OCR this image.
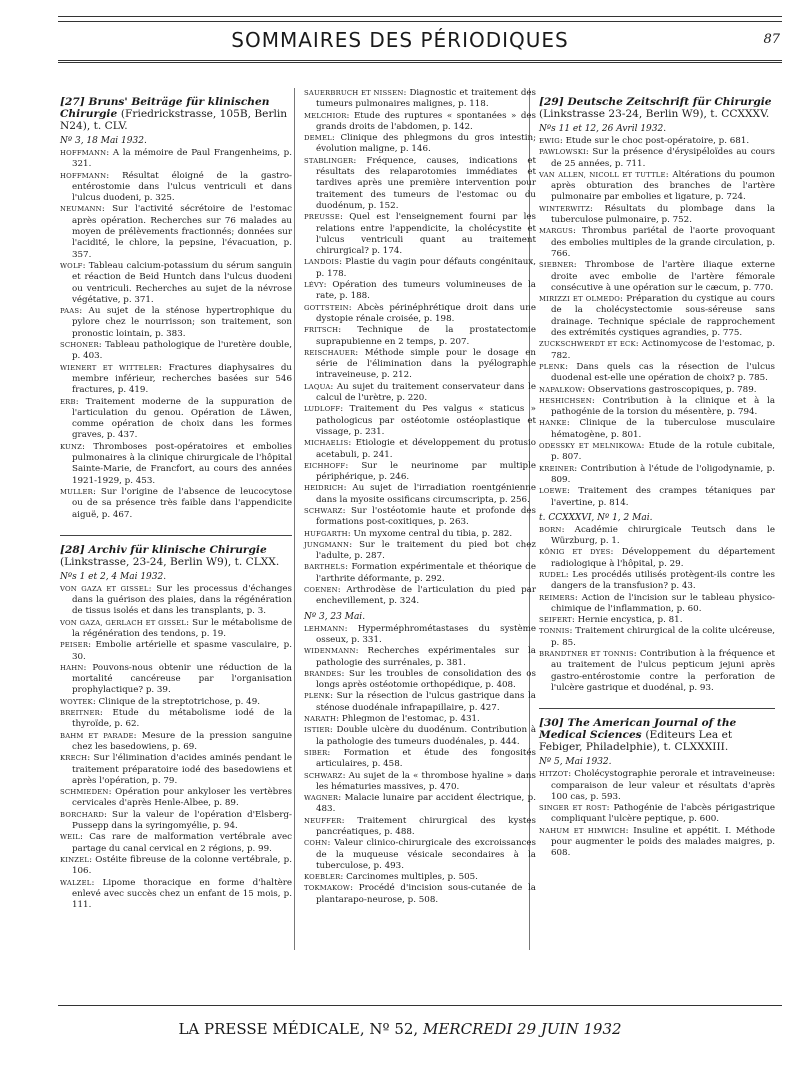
SOMMAIRES DES PÉRIODIQUES	87
[27] Bruns' Beiträge für klinischen Chirurgie (Friedrickstrasse, 105B, Berlin N24), t. CLV.
Nº 3, 18 Mai 1932.

HOFFMANN: A la mémoire de Paul Frangenheims, p. 321.

HOFFMANN: Résultat éloigné de la gastro-entérostomie dans l'ulcus ventriculi et dans l'ulcus duodeni, p. 325.

NEUMANN: Sur l'activité sécrétoire de l'estomac après opération. Recherches sur 76 malades au moyen de prélèvements fractionnés; données sur l'acidité, le chlore, la pepsine, l'évacuation, p. 357.

WOLF: Tableau calcium-potassium du sérum sanguin et réaction de Beid Huntch dans l'ulcus duodeni ou ventriculi. Recherches au sujet de la névrose végétative, p. 371.

PAAS: Au sujet de la sténose hypertrophique du pylore chez le nourrisson; son traitement, son pronostic lointain, p. 383.

SCHONER: Tableau pathologique de l'uretère double, p. 403.

WIENERT ET WITTELER: Fractures diaphysaires du membre inférieur, recherches basées sur 546 fractures, p. 419.

ERB: Traitement moderne de la suppuration de l'articulation du genou. Opération de Läwen, comme opération de choix dans les formes graves, p. 437.

KUNZ: Thromboses post-opératoires et embolies pulmonaires à la clinique chirurgicale de l'hôpital Sainte-Marie, de Francfort, au cours des années 1921-1929, p. 453.

MULLER: Sur l'origine de l'absence de leucocytose ou de sa présence très faible dans l'appendicite aiguë, p. 467.

[28] Archiv für klinische Chirurgie (Linkstrasse, 23-24, Berlin W9), t. CLXX.
Nºs 1 et 2, 4 Mai 1932.

VON GAZA ET GISSEL: Sur les processus d'échanges dans la guérison des plaies, dans la régénération de tissus isolés et dans les transplants, p. 3.

VON GAZA, GERLACH ET GISSEL: Sur le métabolisme de la régénération des tendons, p. 19.

PEISER: Embolie artérielle et spasme vasculaire, p. 30.

HAHN: Pouvons-nous obtenir une réduction de la mortalité cancéreuse par l'organisation prophylactique? p. 39.

WOYTEK: Clinique de la streptotrichose, p. 49.

BREITNER: Etude du métabolisme iodé de la thyroïde, p. 62.

BAHM ET PARADE: Mesure de la pression sanguine chez les basedowiens, p. 69.

KRECH: Sur l'élimination d'acides aminés pendant le traitement préparatoire iodé des basedowiens et après l'opération, p. 79.

SCHMIEDEN: Opération pour ankyloser les vertèbres cervicales d'après Henle-Albee, p. 89.

BORCHARD: Sur la valeur de l'opération d'Elsberg-Pussepp dans la syringomyélie, p. 94.

WEIL: Cas rare de malformation vertébrale avec partage du canal cervical en 2 régions, p. 99.

KINZEL: Ostéite fibreuse de la colonne vertébrale, p. 106.

WALZEL: Lipome thoracique en forme d'haltère enlevé avec succès chez un enfant de 15 mois, p. 111.

SAUERBRUCH ET NISSEN: Diagnostic et traitement des tumeurs pulmonaires malignes, p. 118.

MELCHIOR: Etude des ruptures « spontanées » des grands droits de l'abdomen, p. 142.

DEMEL: Clinique des phlegmons du gros intestin; évolution maligne, p. 146.

STABLINGER: Fréquence, causes, indications et résultats des relaparotomies immédiates et tardives après une première intervention pour traitement des tumeurs de l'estomac ou du duodénum, p. 152.

PREUSSE: Quel est l'enseignement fourni par les relations entre l'appendicite, la cholécystite et l'ulcus ventriculi quant au traitement chirurgical? p. 174.

LANDOIS: Plastie du vagin pour défauts congénitaux, p. 178.

LÉVY: Opération des tumeurs volumineuses de la rate, p. 188.

GOTTSTEIN: Abcès périnéphrétique droit dans une dystopie rénale croisée, p. 198.

FRITSCH: Technique de la prostatectomie suprapubienne en 2 temps, p. 207.

REISCHAUER: Méthode simple pour le dosage en série de l'élimination dans la pyélographie intraveineuse, p. 212.

LAQUA: Au sujet du traitement conservateur dans le calcul de l'urètre, p. 220.

LUDLOFF: Traitement du Pes valgus « staticus » pathologicus par ostéotomie ostéoplastique et vissage, p. 231.

MICHAELIS: Etiologie et développement du protusio acetabuli, p. 241.

EICHHOFF: Sur le neurinome par multiple périphérique, p. 246.

HEIDRICH: Au sujet de l'irradiation roentgénienne dans la myosite ossificans circumscripta, p. 256.

SCHWARZ: Sur l'ostéotomie haute et profonde des formations post-coxitiques, p. 263.

HUFGARTH: Un myxome central du tibia, p. 282.

JUNGMANN: Sur le traitement du pied bot chez l'adulte, p. 287.

BARTHELS: Formation expérimentale et théorique de l'arthrite déformante, p. 292.

COENEN: Arthrodèse de l'articulation du pied par enchevillement, p. 324.

Nº 3, 23 Mai.

LEHMANN: Hyperméphrométastases du système osseux, p. 331.

WIDENMANN: Recherches expérimentales sur la pathologie des surrénales, p. 381.

BRANDES: Sur les troubles de consolidation des os longs après ostéotomie orthopédique, p. 408.

PLENK: Sur la résection de l'ulcus gastrique dans la sténose duodénale infrapapillaire, p. 427.

NARATH: Phlegmon de l'estomac, p. 431.

ISTIER: Double ulcère du duodénum. Contribution à la pathologie des tumeurs duodénales, p. 444.

SIBER: Formation et étude des fongosités articulaires, p. 458.

SCHWARZ: Au sujet de la « thrombose hyaline » dans les hématuries massives, p. 470.

WAGNER: Malacie lunaire par accident électrique, p. 483.

NEUFFER: Traitement chirurgical des kystes pancréatiques, p. 488.

COHN: Valeur clinico-chirurgicale des excroissances de la muqueuse vésicale secondaires à la tuberculose, p. 493.

KOEBLER: Carcinomes multiples, p. 505.

TOKMAKOW: Procédé d'incision sous-cutanée de la plantarapo-neurose, p. 508.

[29] Deutsche Zeitschrift für Chirurgie (Linkstrasse 23-24, Berlin W9), t. CCXXXV.
Nºs 11 et 12, 26 Avril 1932.

EWIG: Etude sur le choc post-opératoire, p. 681.

PAWLOWSKI: Sur la présence d'érysipéloïdes au cours de 25 années, p. 711.

VAN ALLEN, NICOLL ET TUTTLE: Altérations du poumon après obturation des branches de l'artère pulmonaire par embolies et ligature, p. 724.

WINTERWITZ: Résultats du plombage dans la tuberculose pulmonaire, p. 752.

MARGUS: Thrombus pariétal de l'aorte provoquant des embolies multiples de la grande circulation, p. 766.

SIEBNER: Thrombose de l'artère iliaque externe droite avec embolie de l'artère fémorale consécutive à une opération sur le cæcum, p. 770.

MIRIZZI ET OLMEDO: Préparation du cystique au cours de la cholécystectomie sous-séreuse sans drainage. Technique spéciale de rapprochement des extrémités cystiques agrandies, p. 775.

ZUCKSCHWERDT ET ECK: Actinomycose de l'estomac, p. 782.

PLENK: Dans quels cas la résection de l'ulcus duodenal est-elle une opération de choix? p. 785.

NAPALKOW: Observations gastroscopiques, p. 789.

HESHICHSEN: Contribution à la clinique et à la pathogénie de la torsion du mésentère, p. 794.

HANKE: Clinique de la tuberculose musculaire hématogène, p. 801.

ODESSKY ET MELNIKOWA: Etude de la rotule cubitale, p. 807.

KREINER: Contribution à l'étude de l'oligodynamie, p. 809.

LOEWE: Traitement des crampes tétaniques par l'avertine, p. 814.

t. CCXXXVI, Nº 1, 2 Mai.

BORN: Académie chirurgicale Teutsch dans le Würzburg, p. 1.

KÖNIG ET DYES: Développement du département radiologique à l'hôpital, p. 29.

RUDEL: Les procédés utilisés protègent-ils contre les dangers de la transfusion? p. 43.

REIMERS: Action de l'incision sur le tableau physico-chimique de l'inflammation, p. 60.

SEIFERT: Hernie encystica, p. 81.

TONNIS: Traitement chirurgical de la colite ulcéreuse, p. 85.

BRANDTNER ET TONNIS: Contribution à la fréquence et au traitement de l'ulcus pepticum jejuni après gastro-entérostomie contre la perforation de l'ulcère gastrique et duodénal, p. 93.

[30] The American Journal of the Medical Sciences (Editeurs Lea et Febiger, Philadelphie), t. CLXXXIII.
Nº 5, Mai 1932.

HITZOT: Cholécystographie perorale et intraveineuse: comparaison de leur valeur et résultats d'après 100 cas, p. 593.

SINGER ET ROST: Pathogénie de l'abcès périgastrique compliquant l'ulcère peptique, p. 600.

NAHUM ET HIMWICH: Insuline et appétit. I. Méthode pour augmenter le poids des malades maigres, p. 608.

LA PRESSE MÉDICALE, Nº 52, MERCREDI 29 JUIN 1932
